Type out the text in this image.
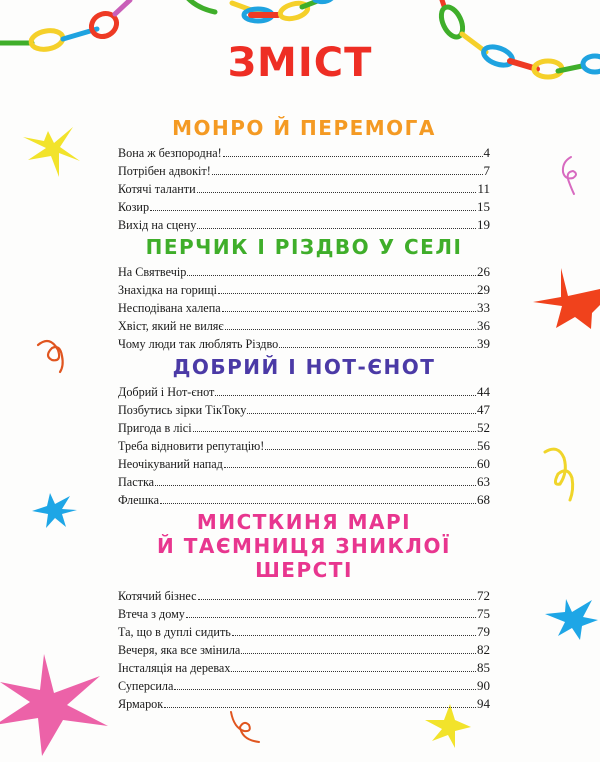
ЗМІСТ
МОНРО Й ПЕРЕМОГА
Вона ж безпородна!	4
Потрібен адвокіт!	7
Котячі таланти	11
Козир	15
Вихід на сцену	19
ПЕРЧИК І РІЗДВО У СЕЛІ
На Святвечір	26
Знахідка на горищі	29
Несподівана халепа	33
Хвіст, який не виляє	36
Чому люди так люблять Різдво	39
ДОБРИЙ І НОТ-ЄНОТ
Добрий і Нот-єнот	44
Позбутись зірки ТікТоку	47
Пригода в лісі	52
Треба відновити репутацію!	56
Неочікуваний напад	60
Пастка	63
Флешка	68
МИСТКИНЯ МАРІ
Й ТАЄМНИЦЯ ЗНИКЛОЇ ШЕРСТІ
Котячий бізнес	72
Втеча з дому	75
Та, що в дуплі сидить	79
Вечеря, яка все змінила	82
Інсталяція на деревах	85
Суперсила	90
Ярмарок	94
